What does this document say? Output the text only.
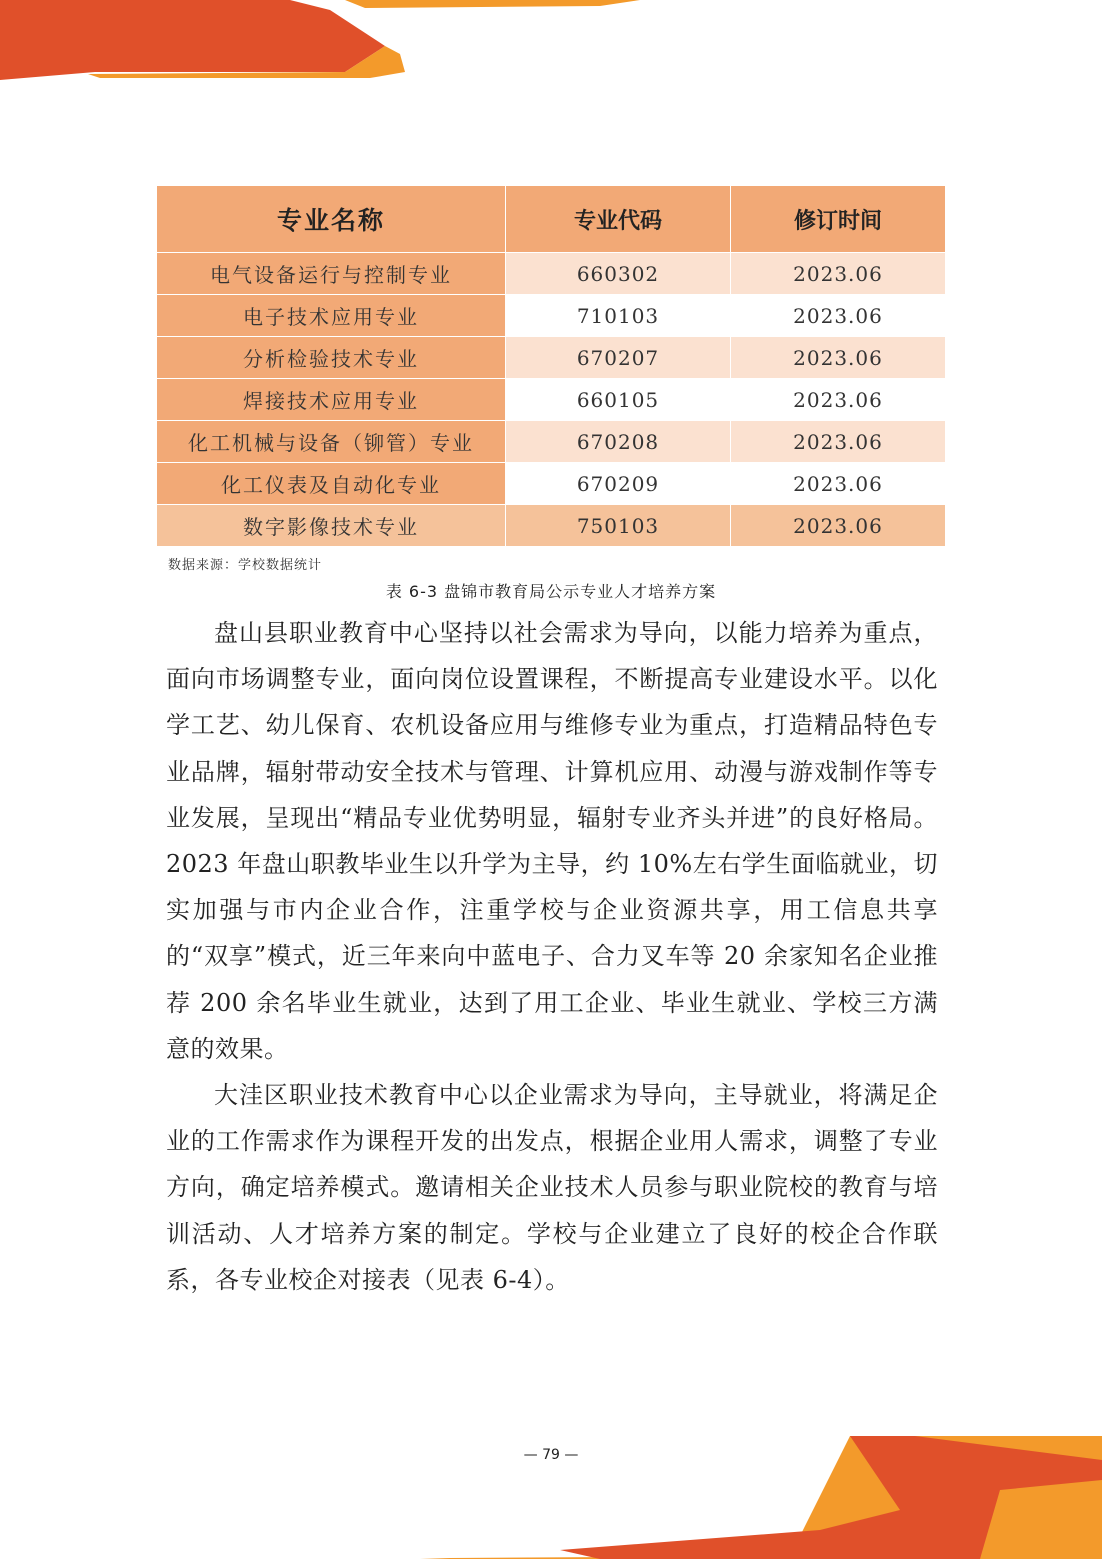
专业名称	专业代码	修订时间
电气设备运行与控制专业	660302	2023.06
电子技术应用专业	710103	2023.06
分析检验技术专业	670207	2023.06
焊接技术应用专业	660105	2023.06
化工机械与设备（铆管）专业	670208	2023.06
化工仪表及自动化专业	670209	2023.06
数字影像技术专业	750103	2023.06
数据来源：学校数据统计
表 6-3 盘锦市教育局公示专业人才培养方案

盘山县职业教育中心坚持以社会需求为导向，以能力培养为重点，面向市场调整专业，面向岗位设置课程，不断提高专业建设水平。以化学工艺、幼儿保育、农机设备应用与维修专业为重点，打造精品特色专业品牌，辐射带动安全技术与管理、计算机应用、动漫与游戏制作等专业发展，呈现出“精品专业优势明显，辐射专业齐头并进”的良好格局。2023 年盘山职教毕业生以升学为主导，约 10%左右学生面临就业，切实加强与市内企业合作，注重学校与企业资源共享，用工信息共享的“双享”模式，近三年来向中蓝电子、合力叉车等 20 余家知名企业推荐 200 余名毕业生就业，达到了用工企业、毕业生就业、学校三方满意的效果。

大洼区职业技术教育中心以企业需求为导向，主导就业，将满足企业的工作需求作为课程开发的出发点，根据企业用人需求，调整了专业方向，确定培养模式。邀请相关企业技术人员参与职业院校的教育与培训活动、人才培养方案的制定。学校与企业建立了良好的校企合作联系，各专业校企对接表（见表 6-4）。

— 79 —
